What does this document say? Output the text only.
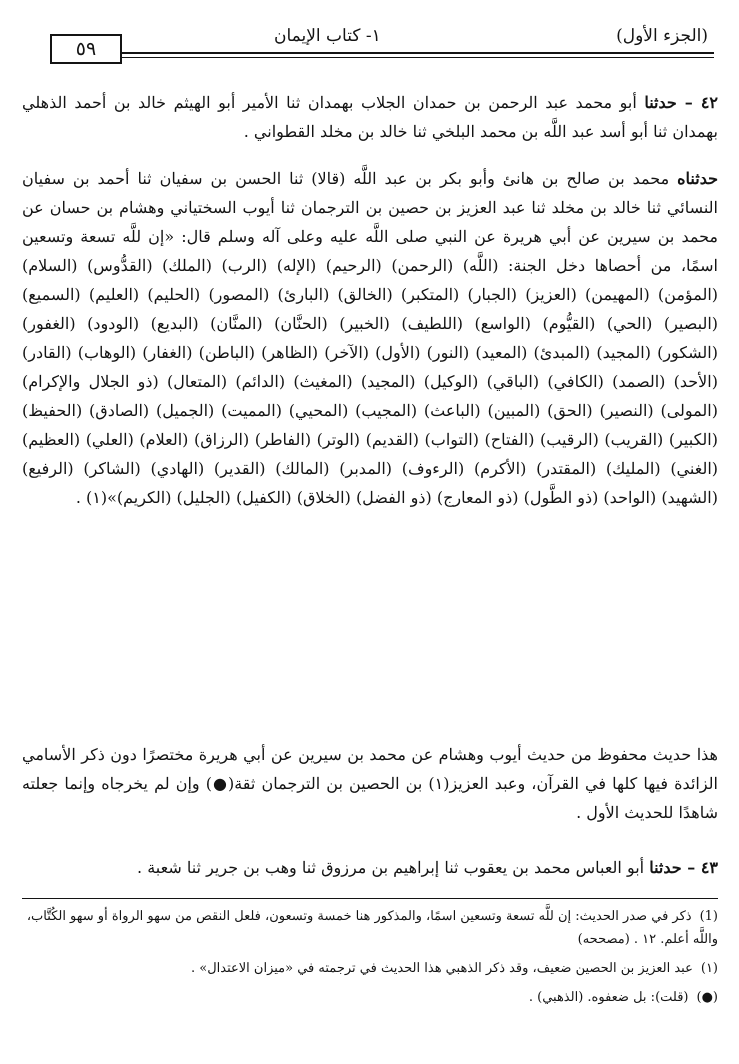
٥٩
١- كتاب الإيمان	(الجزء الأول)
٤٢ – حدثنا أبو محمد عبد الرحمن بن حمدان الجلاب بهمدان ثنا الأمير أبو الهيثم خالد بن أحمد الذهلي بهمدان ثنا أبو أسد عبد اللَّه بن محمد البلخي ثنا خالد بن مخلد القطواني .
حدثناه محمد بن صالح بن هانئ وأبو بكر بن عبد اللَّه (قالا) ثنا الحسن بن سفيان ثنا أحمد بن سفيان النسائي ثنا خالد بن مخلد ثنا عبد العزيز بن حصين بن الترجمان ثنا أيوب السختياني وهشام بن حسان عن محمد بن سيرين عن أبي هريرة عن النبي صلى اللَّه عليه وعلى آله وسلم قال: «إن للَّه تسعة وتسعين اسمًا، من أحصاها دخل الجنة: (اللَّه) (الرحمن) (الرحيم) (الإله) (الرب) (الملك) (القدُّوس) (السلام) (المؤمن) (المهيمن) (العزيز) (الجبار) (المتكبر) (الخالق) (البارئ) (المصور) (الحليم) (العليم) (السميع) (البصير) (الحي) (القيُّوم) (الواسع) (اللطيف) (الخبير) (الحنَّان) (المنَّان) (البديع) (الودود) (الغفور) (الشكور) (المجيد) (المبدئ) (المعيد) (النور) (الأول) (الآخر) (الظاهر) (الباطن) (الغفار) (الوهاب) (القادر) (الأحد) (الصمد) (الكافي) (الباقي) (الوكيل) (المجيد) (المغيث) (الدائم) (المتعال) (ذو الجلال والإكرام) (المولى) (النصير) (الحق) (المبين) (الباعث) (المجيب) (المحيي) (المميت) (الجميل) (الصادق) (الحفيظ) (الكبير) (القريب) (الرقيب) (الفتاح) (التواب) (القديم) (الوتر) (الفاطر) (الرزاق) (العلام) (العلي) (العظيم) (الغني) (المليك) (المقتدر) (الأكرم) (الرءوف) (المدبر) (المالك) (القدير) (الهادي) (الشاكر) (الرفيع) (الشهيد) (الواحد) (ذو الطَّول) (ذو المعارج) (ذو الفضل) (الخلاق) (الكفيل) (الجليل) (الكريم)»(١) .
هذا حديث محفوظ من حديث أيوب وهشام عن محمد بن سيرين عن أبي هريرة مختصرًا دون ذكر الأسامي الزائدة فيها كلها في القرآن، وعبد العزيز(١) بن الحصين بن الترجمان ثقة(●) وإن لم يخرجاه وإنما جعلته شاهدًا للحديث الأول .
٤٣ – حدثنا أبو العباس محمد بن يعقوب ثنا إبراهيم بن مرزوق ثنا وهب بن جرير ثنا شعبة .
(1)ذكر في صدر الحديث: إن للَّه تسعة وتسعين اسمًا، والمذكور هنا خمسة وتسعون، فلعل النقص من سهو الرواة أو سهو الكُتَّاب، واللَّه أعلم. ١٢ . (مصححه)
(١)عبد العزيز بن الحصين ضعيف، وقد ذكر الذهبي هذا الحديث في ترجمته في «ميزان الاعتدال» .
(●)(قلت): بل ضعفوه. (الذهبي) .
